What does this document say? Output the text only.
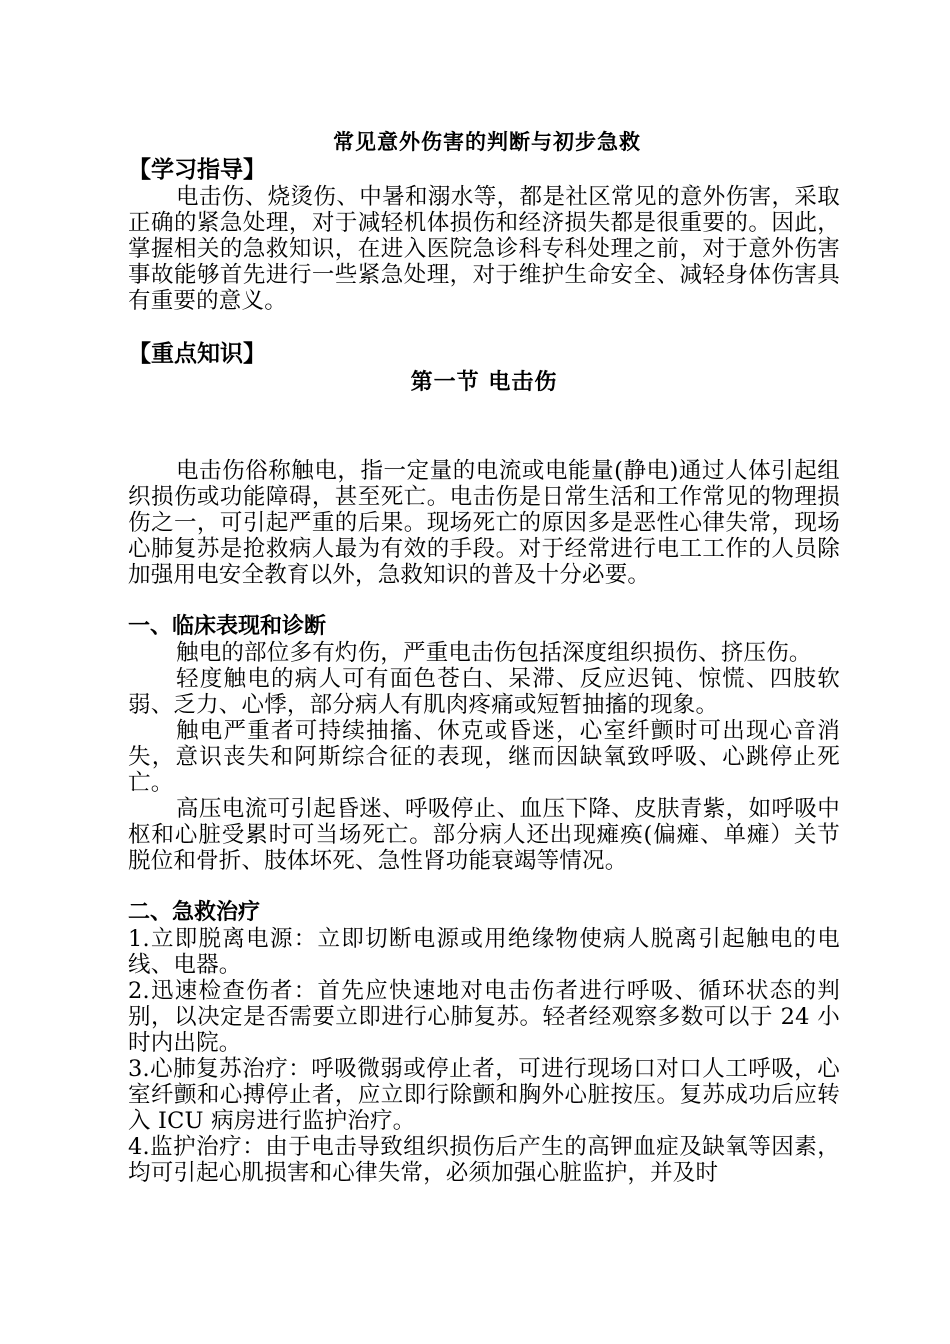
常见意外伤害的判断与初步急救
【学习指导】

电击伤、烧烫伤、中暑和溺水等，都是社区常见的意外伤害，采取正确的紧急处理，对于减轻机体损伤和经济损失都是很重要的。因此，掌握相关的急救知识，在进入医院急诊科专科处理之前，对于意外伤害事故能够首先进行一些紧急处理，对于维护生命安全、减轻身体伤害具有重要的意义。

【重点知识】
第一节 电击伤

电击伤俗称触电，指一定量的电流或电能量(静电)通过人体引起组织损伤或功能障碍，甚至死亡。电击伤是日常生活和工作常见的物理损伤之一，可引起严重的后果。现场死亡的原因多是恶性心律失常，现场心肺复苏是抢救病人最为有效的手段。对于经常进行电工工作的人员除加强用电安全教育以外，急救知识的普及十分必要。

一、临床表现和诊断

触电的部位多有灼伤，严重电击伤包括深度组织损伤、挤压伤。

轻度触电的病人可有面色苍白、呆滞、反应迟钝、惊慌、四肢软弱、乏力、心悸，部分病人有肌肉疼痛或短暂抽搐的现象。

触电严重者可持续抽搐、休克或昏迷，心室纤颤时可出现心音消失，意识丧失和阿斯综合征的表现，继而因缺氧致呼吸、心跳停止死亡。

高压电流可引起昏迷、呼吸停止、血压下降、皮肤青紫，如呼吸中枢和心脏受累时可当场死亡。部分病人还出现瘫痪(偏瘫、单瘫）关节脱位和骨折、肢体坏死、急性肾功能衰竭等情况。

二、急救治疗

1.立即脱离电源：立即切断电源或用绝缘物使病人脱离引起触电的电线、电器。

2.迅速检查伤者：首先应快速地对电击伤者进行呼吸、循环状态的判别，以决定是否需要立即进行心肺复苏。轻者经观察多数可以于 24 小时内出院。

3.心肺复苏治疗：呼吸微弱或停止者，可进行现场口对口人工呼吸，心室纤颤和心搏停止者，应立即行除颤和胸外心脏按压。复苏成功后应转入 ICU 病房进行监护治疗。

4.监护治疗：由于电击导致组织损伤后产生的高钾血症及缺氧等因素，均可引起心肌损害和心律失常，必须加强心脏监护，并及时
